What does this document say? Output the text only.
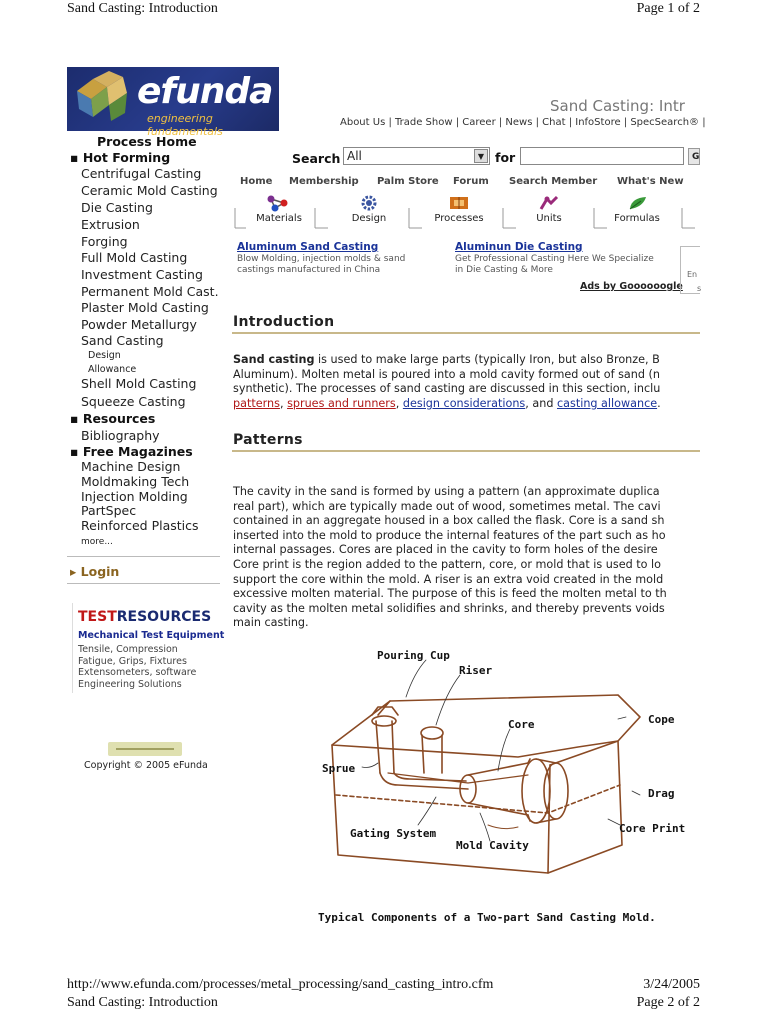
Sand Casting: Introduction	Page 1 of 2
efunda
engineering fundamentals
Sand Casting: Intr
About Us | Trade Show | Career | News | Chat | InfoStore | SpecSearch® |
Process Home
▪ Hot Forming
Centrifugal Casting
Ceramic Mold Casting
Die Casting
Extrusion
Forging
Full Mold Casting
Investment Casting
Permanent Mold Cast.
Plaster Mold Casting
Powder Metallurgy
Sand Casting
Design
Allowance
Shell Mold Casting
Squeeze Casting
▪ Resources
Bibliography
▪ Free Magazines
Machine Design
Moldmaking Tech
Injection Molding
PartSpec
Reinforced Plastics
more...
▸ Login
TESTRESOURCES
Mechanical Test Equipment
Tensile, Compression
Fatigue, Grips, Fixtures
Extensometers, software
Engineering Solutions
Copyright © 2005 eFunda
Search All	▼ for	G
Home Membership Palm Store Forum Search Member What's New
Materials	Design	Processes	Units	Formulas
Aluminum Sand Casting
Blow Molding, injection molds & sand
castings manufactured in China
Aluminun Die Casting
Get Professional Casting Here We Specialize
in Die Casting & More
Ads by Goooooogle
En
s
Introduction
Sand casting is used to make large parts (typically Iron, but also Bronze, B
Aluminum). Molten metal is poured into a mold cavity formed out of sand (n
synthetic). The processes of sand casting are discussed in this section, inclu
patterns, sprues and runners, design considerations, and casting allowance.
Patterns
The cavity in the sand is formed by using a pattern (an approximate duplica
real part), which are typically made out of wood, sometimes metal. The cavi
contained in an aggregate housed in a box called the flask. Core is a sand sh
inserted into the mold to produce the internal features of the part such as ho
internal passages. Cores are placed in the cavity to form holes of the desire
Core print is the region added to the pattern, core, or mold that is used to lo
support the core within the mold. A riser is an extra void created in the mold
excessive molten material. The purpose of this is feed the molten metal to th
cavity as the molten metal solidifies and shrinks, and thereby prevents voids
main casting.
Pouring Cup
Riser
Core	Cope
Sprue
Drag
Core Print
Gating System
Mold Cavity
Typical Components of a Two-part Sand Casting Mold.
http://www.efunda.com/processes/metal_processing/sand_casting_intro.cfm	3/24/2005
Sand Casting: Introduction	Page 2 of 2
